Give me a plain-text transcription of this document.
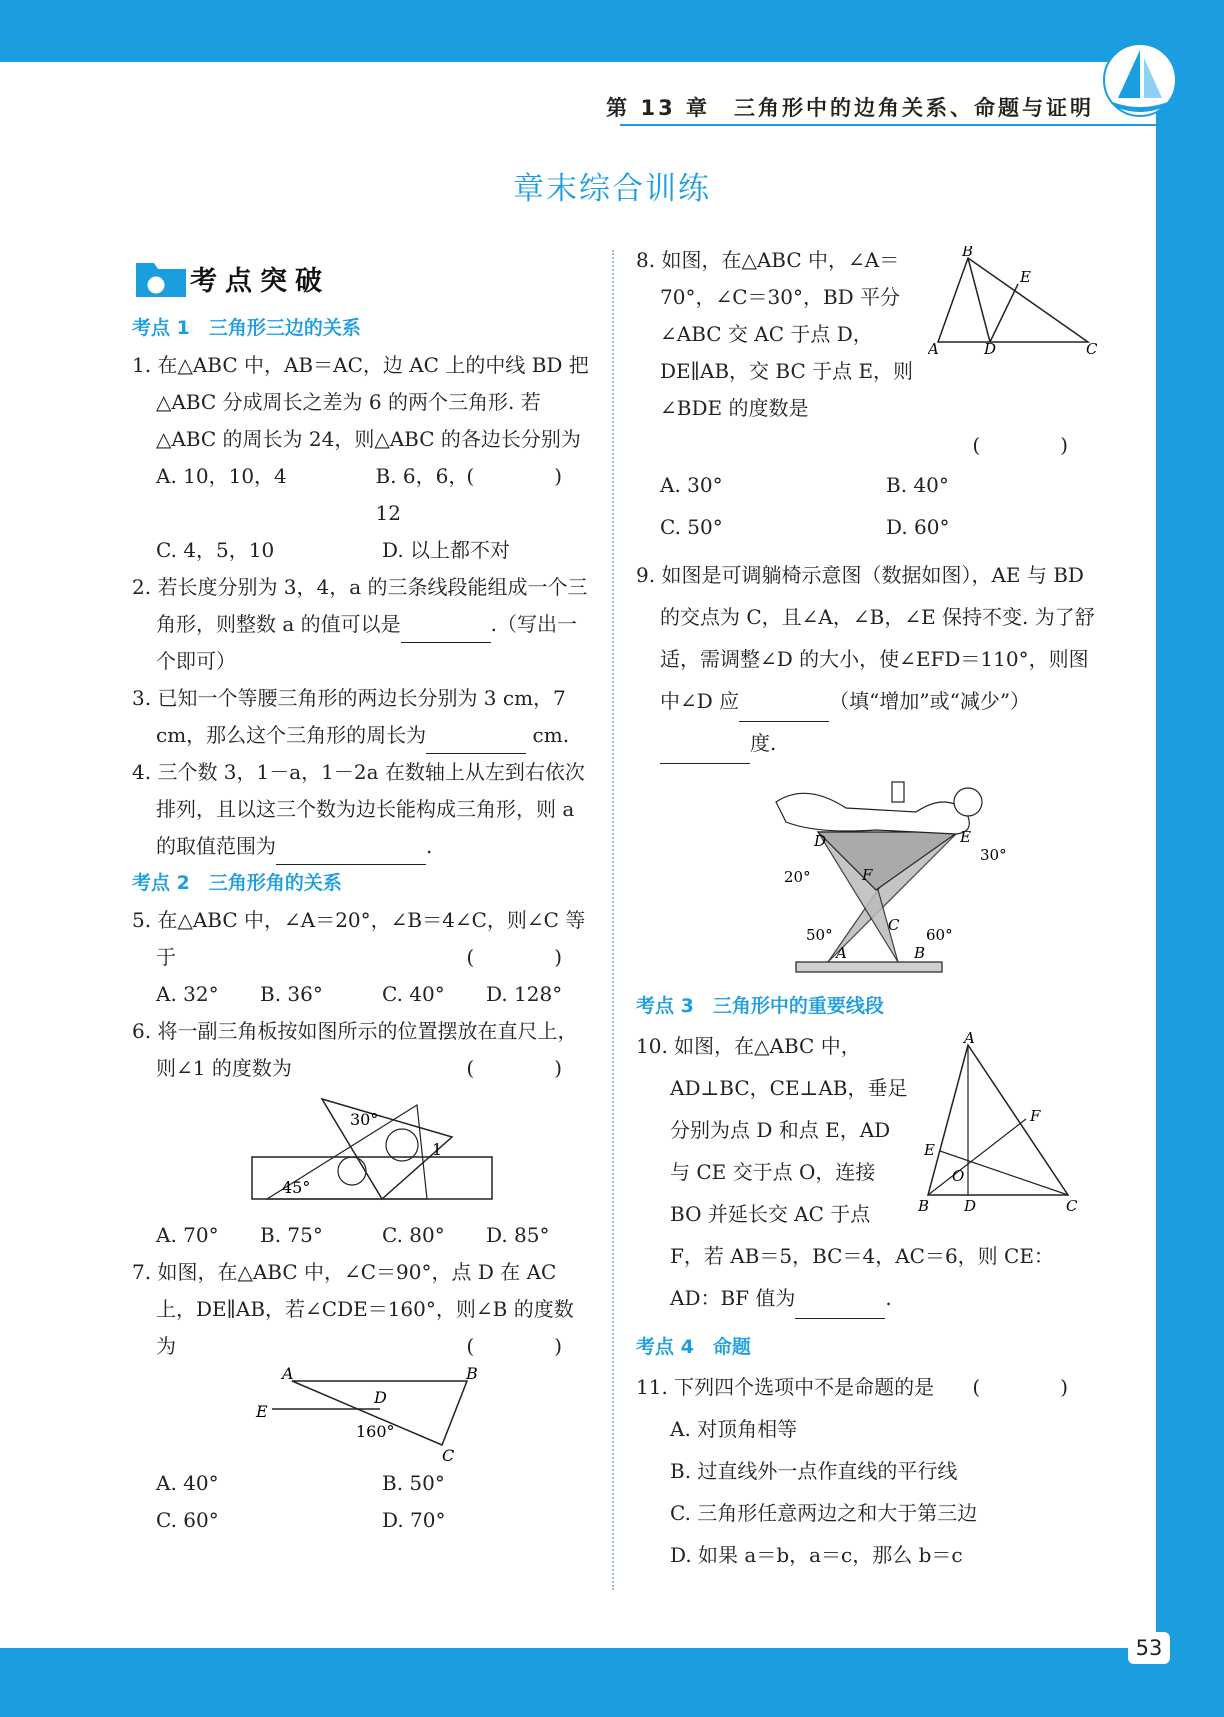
第 13 章　三角形中的边角关系、命题与证明
章末综合训练
考点突破

考点 1　三角形三边的关系

1. 在△ABC 中，AB＝AC，边 AC 上的中线 BD 把△ABC 分成周长之差为 6 的两个三角形. 若△ABC 的周长为 24，则△ABC 的各边长分别为
(　)
A. 10，10，4	B. 6，6，12
C. 4，5，10	D. 以上都不对
2. 若长度分别为 3，4，a 的三条线段能组成一个三角形，则整数 a 的值可以是	.（写出一个即可）
3. 已知一个等腰三角形的两边长分别为 3 cm，7 cm，那么这个三角形的周长为	cm.
4. 三个数 3，1－a，1－2a 在数轴上从左到右依次排列，且以这三个数为边长能构成三角形，则 a 的取值范围为	.

考点 2　三角形角的关系

5. 在△ABC 中，∠A＝20°，∠B＝4∠C，则∠C 等于	(　)
A. 32°	B. 36°	C. 40°	D. 128°
6. 将一副三角板按如图所示的位置摆放在直尺上，则∠1 的度数为	(　)
30°
45°
1
A. 70°	B. 75°	C. 80°	D. 85°
7. 如图，在△ABC 中，∠C＝90°，点 D 在 AC 上，DE∥AB，若∠CDE＝160°，则∠B 的度数为	(　)
A	B
C
D
E
160°
A. 40°	B. 50°
C. 60°	D. 70°
B
A	C
D
E
8. 如图，在△ABC 中，∠A＝70°，∠C＝30°，BD 平分∠ABC 交 AC 于点 D，DE∥AB，交 BC 于点 E，则∠BDE 的度数是
(　)
A. 30°	B. 40°
C. 50°	D. 60°
9. 如图是可调躺椅示意图（数据如图），AE 与 BD 的交点为 C，且∠A，∠B，∠E 保持不变. 为了舒适，需调整∠D 的大小，使∠EFD＝110°，则图中∠D 应	（填“增加”或“减少”）度.
D	E
F
C
A	B
20°
30°
50°	60°

考点 3　三角形中的重要线段

A
B	C
D
E
F
O
10. 如图，在△ABC 中，AD⊥BC，CE⊥AB，垂足分别为点 D 和点 E，AD 与 CE 交于点 O，连接 BO 并延长交 AC 于点 F，若 AB＝5，BC＝4，AC＝6，则 CE：AD：BF 值为	.

考点 4　命题

11. 下列四个选项中不是命题的是 (　)
A. 对顶角相等
B. 过直线外一点作直线的平行线
C. 三角形任意两边之和大于第三边
D. 如果 a＝b，a＝c，那么 b＝c
53
